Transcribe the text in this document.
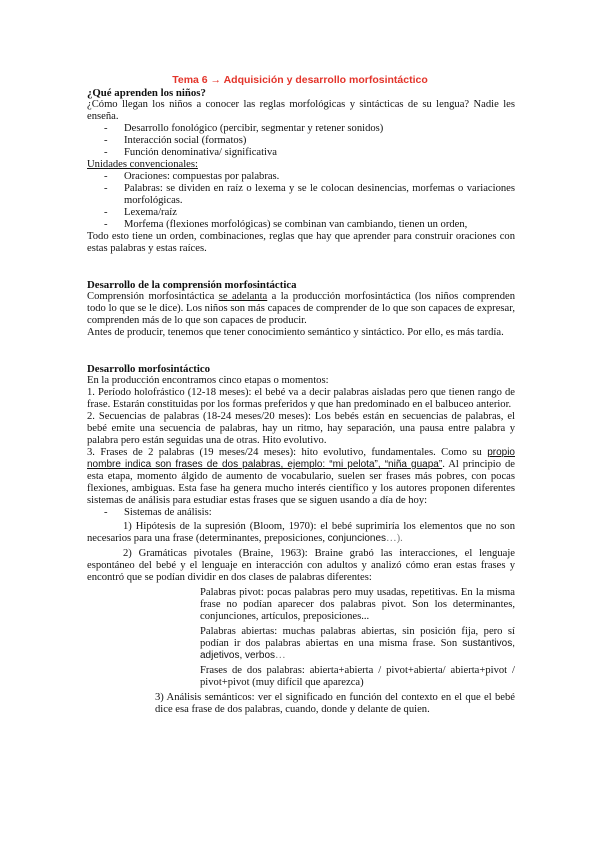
Tema 6 → Adquisición y desarrollo morfosintáctico
¿Qué aprenden los niños?

¿Cómo llegan los niños a conocer las reglas morfológicas y sintácticas de su lengua? Nadie les enseña.

-	Desarrollo fonológico (percibir, segmentar y retener sonidos)
-	Interacción social (formatos)
-	Función denominativa/ significativa

Unidades convencionales:

-	Oraciones: compuestas por palabras.
-	Palabras: se dividen en raíz o lexema y se le colocan desinencias, morfemas o variaciones morfológicas.
-	Lexema/raíz
-	Morfema (flexiones morfológicas) se combinan van cambiando, tienen un orden,

Todo esto tiene un orden, combinaciones, reglas que hay que aprender para construir oraciones con estas palabras y estas raíces.

Desarrollo de la comprensión morfosintáctica

Comprensión morfosintáctica se adelanta a la producción morfosintáctica (los niños comprenden todo lo que se le dice). Los niños son más capaces de comprender de lo que son capaces de expresar, comprenden más de lo que son capaces de producir.

Antes de producir, tenemos que tener conocimiento semántico y sintáctico. Por ello, es más tardía.

Desarrollo morfosintáctico

En la producción encontramos cinco etapas o momentos:

1. Período holofrástico (12-18 meses): el bebé va a decir palabras aisladas pero que tienen rango de frase. Estarán constituidas por los formas preferidos y que han predominado en el balbuceo anterior.

2. Secuencias de palabras (18-24 meses/20 meses): Los bebés están en secuencias de palabras, el bebé emite una secuencia de palabras, hay un ritmo, hay separación, una pausa entre palabra y palabra pero están seguidas una de otras. Hito evolutivo.

3. Frases de 2 palabras (19 meses/24 meses): hito evolutivo, fundamentales. Como su propio nombre indica son frases de dos palabras, ejemplo: “mi pelota”, “niña guapa”. Al principio de esta etapa, momento álgido de aumento de vocabulario, suelen ser frases más pobres, con pocas flexiones, ambiguas. Esta fase ha genera mucho interés científico y los autores proponen diferentes sistemas de análisis para estudiar estas frases que se siguen usando a día de hoy:

-	Sistemas de análisis:

1) Hipótesis de la supresión (Bloom, 1970): el bebé suprimiría los elementos que no son necesarios para una frase (determinantes, preposiciones, conjunciones…).

2) Gramáticas pivotales (Braine, 1963): Braine grabó las interacciones, el lenguaje espontáneo del bebé y el lenguaje en interacción con adultos y analizó cómo eran estas frases y encontró que se podían dividir en dos clases de palabras diferentes:

Palabras pivot: pocas palabras pero muy usadas, repetitivas. En la misma frase no podían aparecer dos palabras pivot. Son los determinantes, conjunciones, artículos, preposiciones...

Palabras abiertas: muchas palabras abiertas, sin posición fija, pero sí podían ir dos palabras abiertas en una misma frase. Son sustantivos, adjetivos, verbos…

Frases de dos palabras: abierta+abierta / pivot+abierta/ abierta+pivot / pivot+pivot (muy difícil que aparezca)

3) Análisis semánticos: ver el significado en función del contexto en el que el bebé dice esa frase de dos palabras, cuando, donde y delante de quien.
